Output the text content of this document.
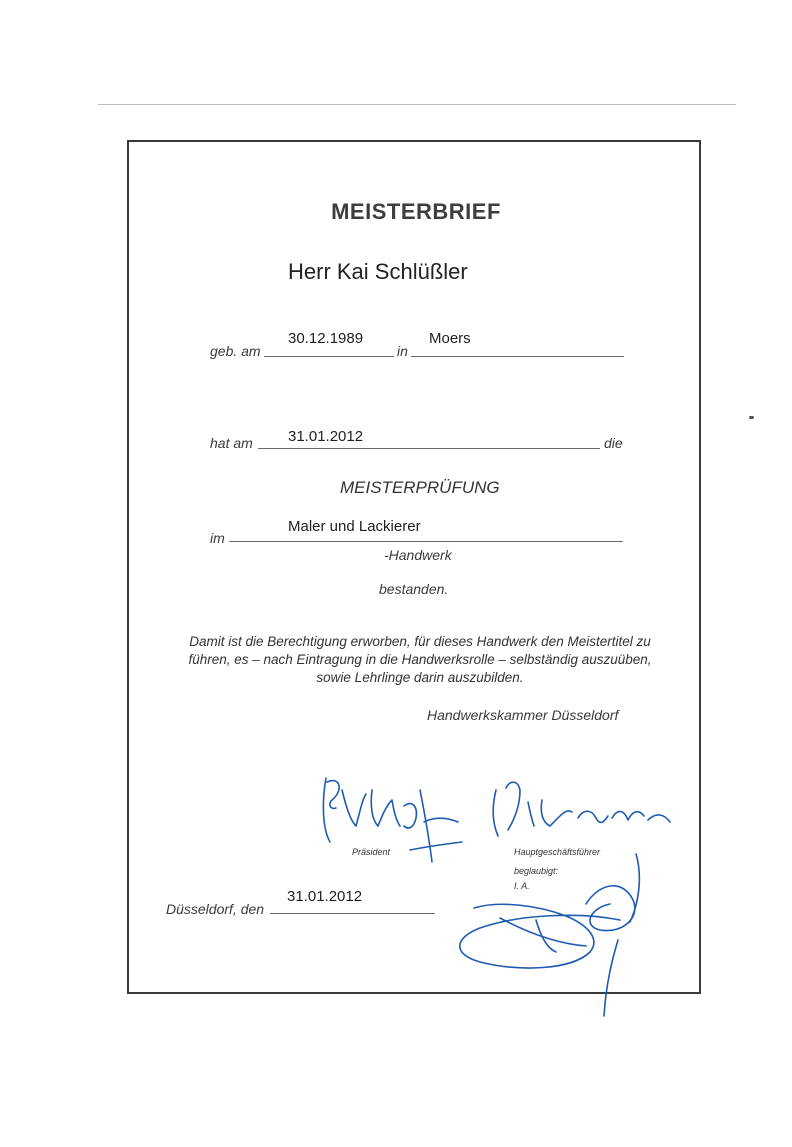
MEISTERBRIEF
Herr Kai Schlüßler
geb. am
30.12.1989
in
Moers
hat am 31.01.2012	die
MEISTERPRÜFUNG
im
Maler und Lackierer
-Handwerk
bestanden.
Damit ist die Berechtigung erworben, für dieses Handwerk den Meistertitel zu führen, es – nach Eintragung in die Handwerksrolle – selbständig auszuüben, sowie Lehrlinge darin auszubilden.
Handwerkskammer Düsseldorf
Präsident	Hauptgeschäftsführer
beglaubigt:
I. A.
Düsseldorf, den
31.01.2012
